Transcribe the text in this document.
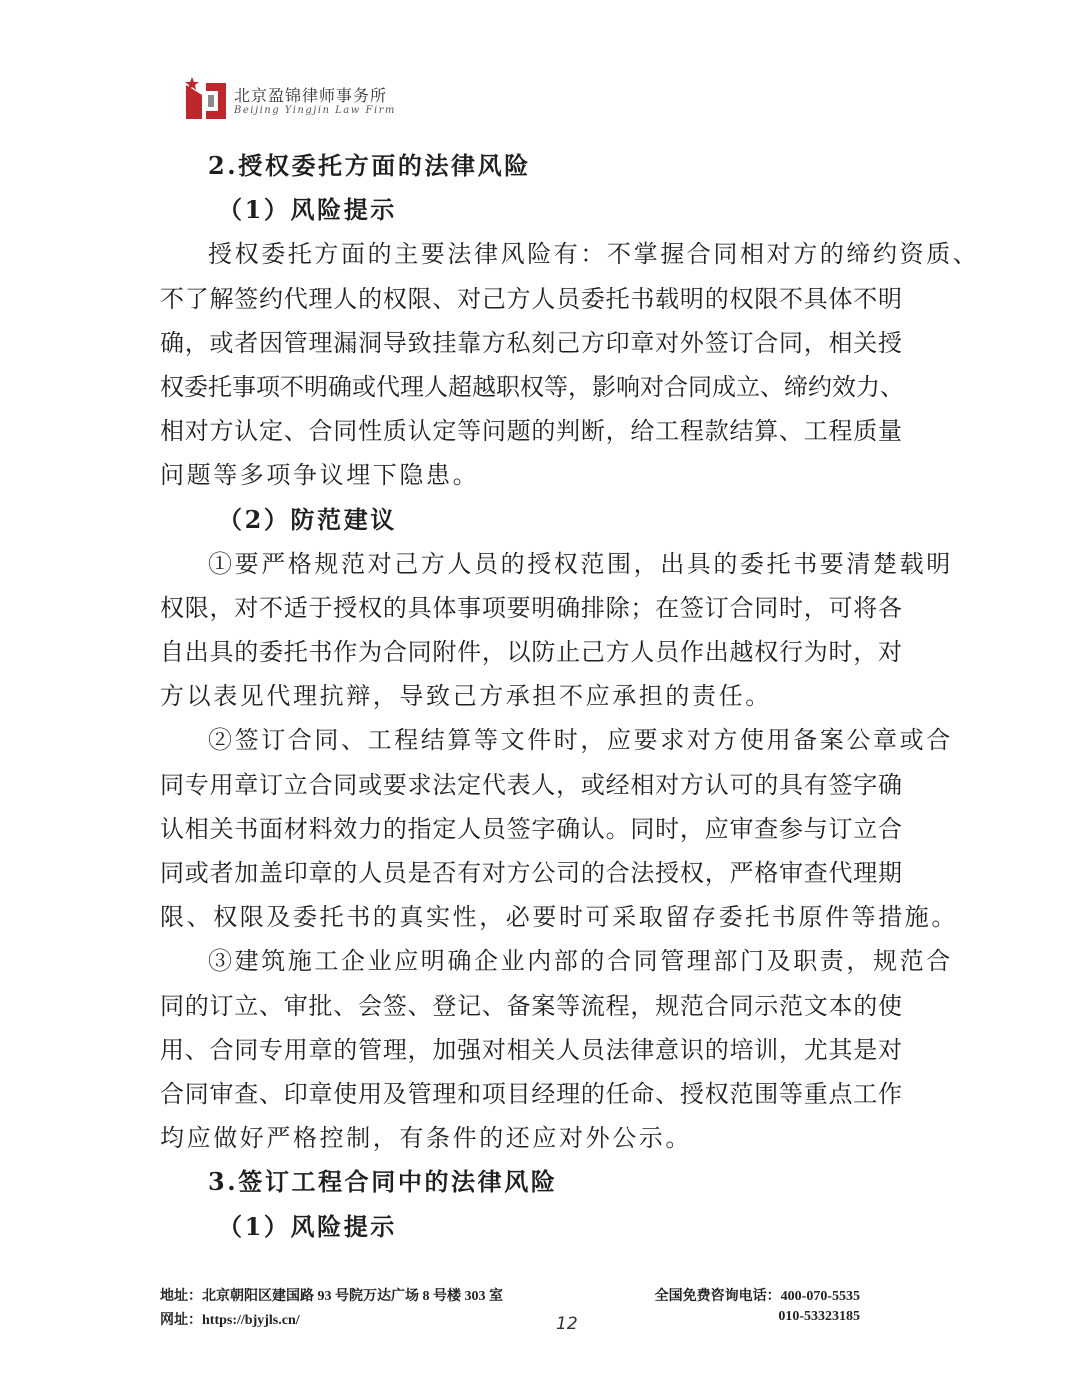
北京盈锦律师事务所
Beijing Yingjin Law Firm
2.授权委托方面的法律风险
（1）风险提示
授权委托方面的主要法律风险有：不掌握合同相对方的缔约资质、
不了解签约代理人的权限、对己方人员委托书载明的权限不具体不明
确，或者因管理漏洞导致挂靠方私刻己方印章对外签订合同，相关授
权委托事项不明确或代理人超越职权等，影响对合同成立、缔约效力、
相对方认定、合同性质认定等问题的判断，给工程款结算、工程质量
问题等多项争议埋下隐患。
（2）防范建议
①要严格规范对己方人员的授权范围，出具的委托书要清楚载明
权限，对不适于授权的具体事项要明确排除；在签订合同时，可将各
自出具的委托书作为合同附件，以防止己方人员作出越权行为时，对
方以表见代理抗辩，导致己方承担不应承担的责任。
②签订合同、工程结算等文件时，应要求对方使用备案公章或合
同专用章订立合同或要求法定代表人，或经相对方认可的具有签字确
认相关书面材料效力的指定人员签字确认。同时，应审查参与订立合
同或者加盖印章的人员是否有对方公司的合法授权，严格审查代理期
限、权限及委托书的真实性，必要时可采取留存委托书原件等措施。
③建筑施工企业应明确企业内部的合同管理部门及职责，规范合
同的订立、审批、会签、登记、备案等流程，规范合同示范文本的使
用、合同专用章的管理，加强对相关人员法律意识的培训，尤其是对
合同审查、印章使用及管理和项目经理的任命、授权范围等重点工作
均应做好严格控制，有条件的还应对外公示。
3.签订工程合同中的法律风险
（1）风险提示
地址：北京朝阳区建国路 93 号院万达广场 8 号楼 303 室
网址：https://bjyjls.cn/
全国免费咨询电话：400-070-5535
010-53323185
12
